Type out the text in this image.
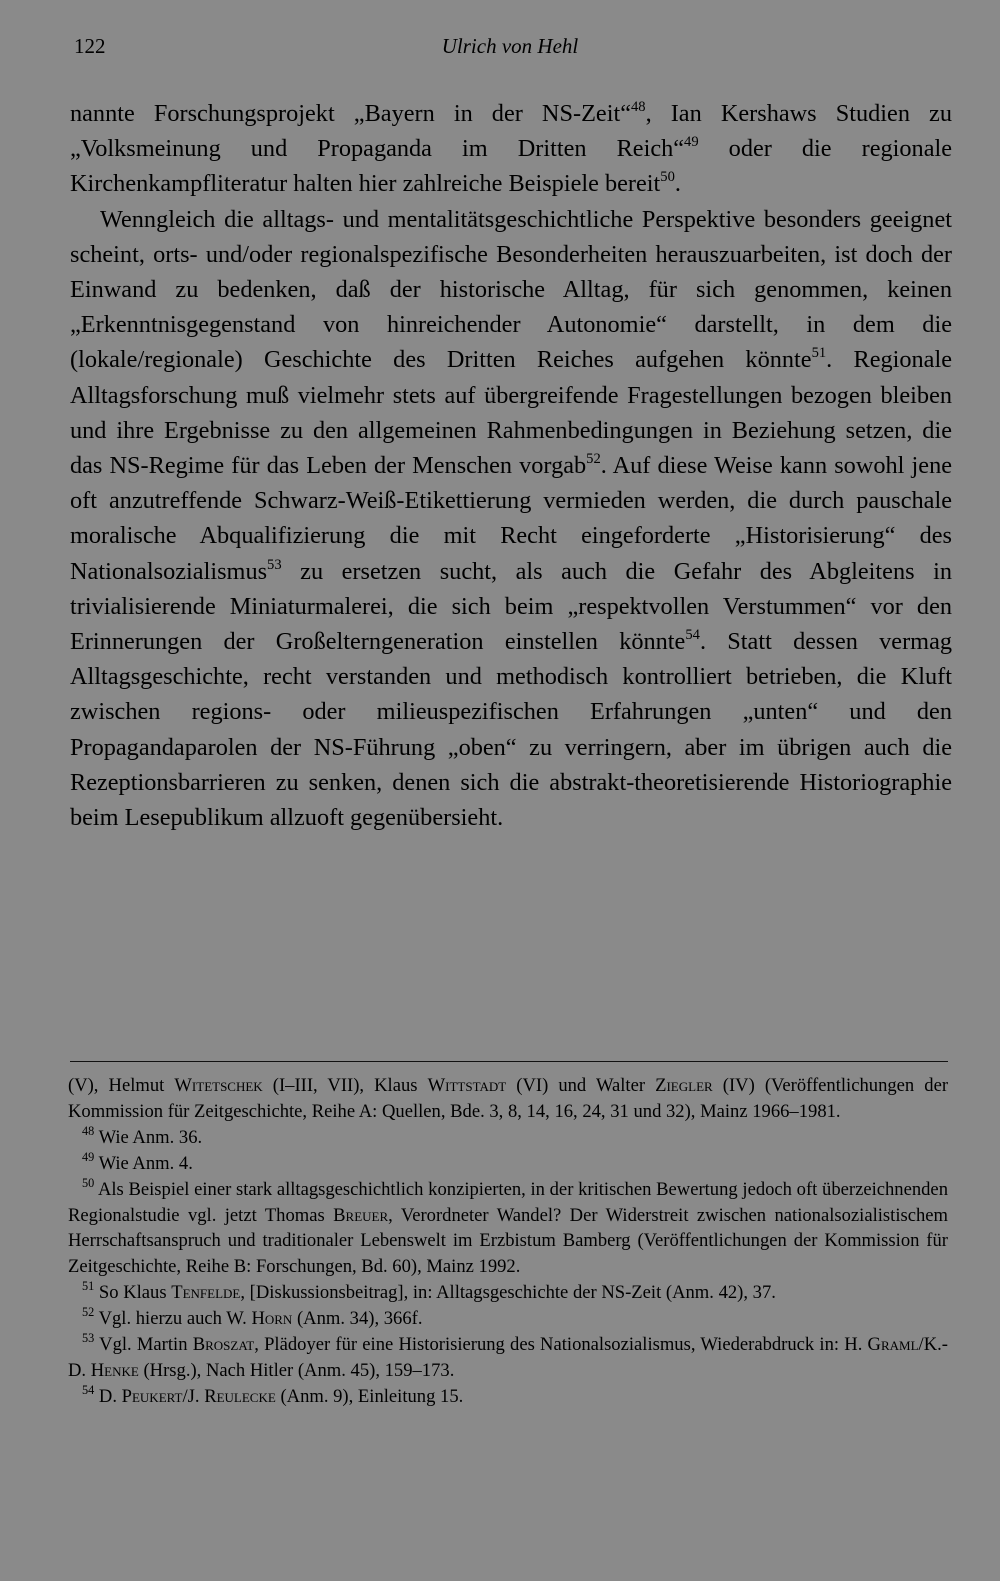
122	Ulrich von Hehl

nannte Forschungsprojekt „Bayern in der NS-Zeit“$^{48}$, Ian Kershaws Studien zu „Volksmeinung und Propaganda im Dritten Reich“$^{49}$ oder die regionale Kirchenkampfliteratur halten hier zahlreiche Beispiele bereit$^{50}$.

Wenngleich die alltags- und mentalitätsgeschichtliche Perspektive besonders geeignet scheint, orts- und/oder regionalspezifische Besonderheiten herauszuarbeiten, ist doch der Einwand zu bedenken, daß der historische Alltag, für sich genommen, keinen „Erkenntnisgegenstand von hinreichender Autonomie“ darstellt, in dem die (lokale/regionale) Geschichte des Dritten Reiches aufgehen könnte$^{51}$. Regionale Alltagsforschung muß vielmehr stets auf übergreifende Fragestellungen bezogen bleiben und ihre Ergebnisse zu den allgemeinen Rahmenbedingungen in Beziehung setzen, die das NS-Regime für das Leben der Menschen vorgab$^{52}$. Auf diese Weise kann sowohl jene oft anzutreffende Schwarz-Weiß-Etikettierung vermieden werden, die durch pauschale moralische Abqualifizierung die mit Recht eingeforderte „Historisierung“ des Nationalsozialismus$^{53}$ zu ersetzen sucht, als auch die Gefahr des Abgleitens in trivialisierende Miniaturmalerei, die sich beim „respektvollen Verstummen“ vor den Erinnerungen der Großelterngeneration einstellen könnte$^{54}$. Statt dessen vermag Alltagsgeschichte, recht verstanden und methodisch kontrolliert betrieben, die Kluft zwischen regions- oder milieuspezifischen Erfahrungen „unten“ und den Propagandaparolen der NS-Führung „oben“ zu verringern, aber im übrigen auch die Rezeptionsbarrieren zu senken, denen sich die abstrakt-theoretisierende Historiographie beim Lesepublikum allzuoft gegenübersieht.

(V), Helmut Witetschek (I–III, VII), Klaus Wittstadt (VI) und Walter Ziegler (IV) (Veröffentlichungen der Kommission für Zeitgeschichte, Reihe A: Quellen, Bde. 3, 8, 14, 16, 24, 31 und 32), Mainz 1966–1981.

$^{48}$ Wie Anm. 36.

$^{49}$ Wie Anm. 4.

$^{50}$ Als Beispiel einer stark alltagsgeschichtlich konzipierten, in der kritischen Bewertung jedoch oft überzeichnenden Regionalstudie vgl. jetzt Thomas Breuer, Verordneter Wandel? Der Widerstreit zwischen nationalsozialistischem Herrschaftsanspruch und traditionaler Lebenswelt im Erzbistum Bamberg (Veröffentlichungen der Kommission für Zeitgeschichte, Reihe B: Forschungen, Bd. 60), Mainz 1992.

$^{51}$ So Klaus Tenfelde, [Diskussionsbeitrag], in: Alltagsgeschichte der NS-Zeit (Anm. 42), 37.

$^{52}$ Vgl. hierzu auch W. Horn (Anm. 34), 366f.

$^{53}$ Vgl. Martin Broszat, Plädoyer für eine Historisierung des Nationalsozialismus, Wiederabdruck in: H. Graml/K.-D. Henke (Hrsg.), Nach Hitler (Anm. 45), 159–173.

$^{54}$ D. Peukert/J. Reulecke (Anm. 9), Einleitung 15.
